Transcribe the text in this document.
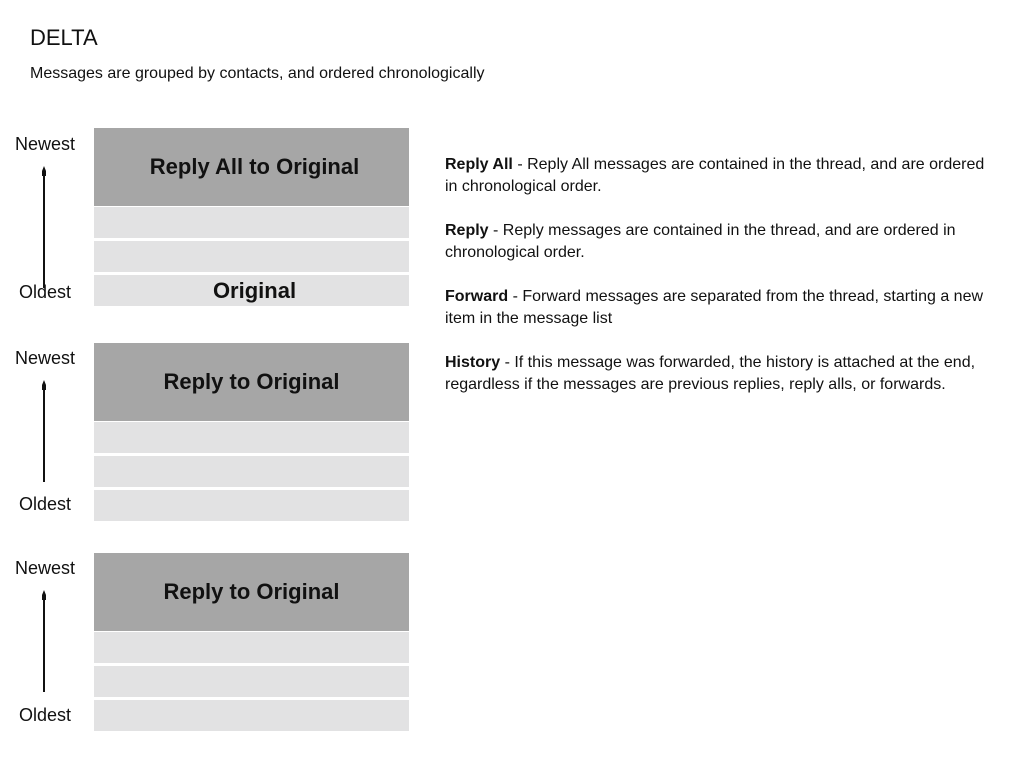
DELTA
Messages are grouped by contacts, and ordered chronologically
Newest
Oldest
Reply All to Original
Original
Newest
Oldest
Reply to Original
Newest
Oldest
Reply to Original

Reply All - Reply All messages are contained in the thread, and are ordered in chronological order.

Reply - Reply messages are contained in the thread, and are ordered in chronological order.

Forward - Forward messages are separated from the thread, starting a new item in the message list

History - If this message was forwarded, the history is attached at the end, regardless if the messages are previous replies, reply alls, or forwards.
